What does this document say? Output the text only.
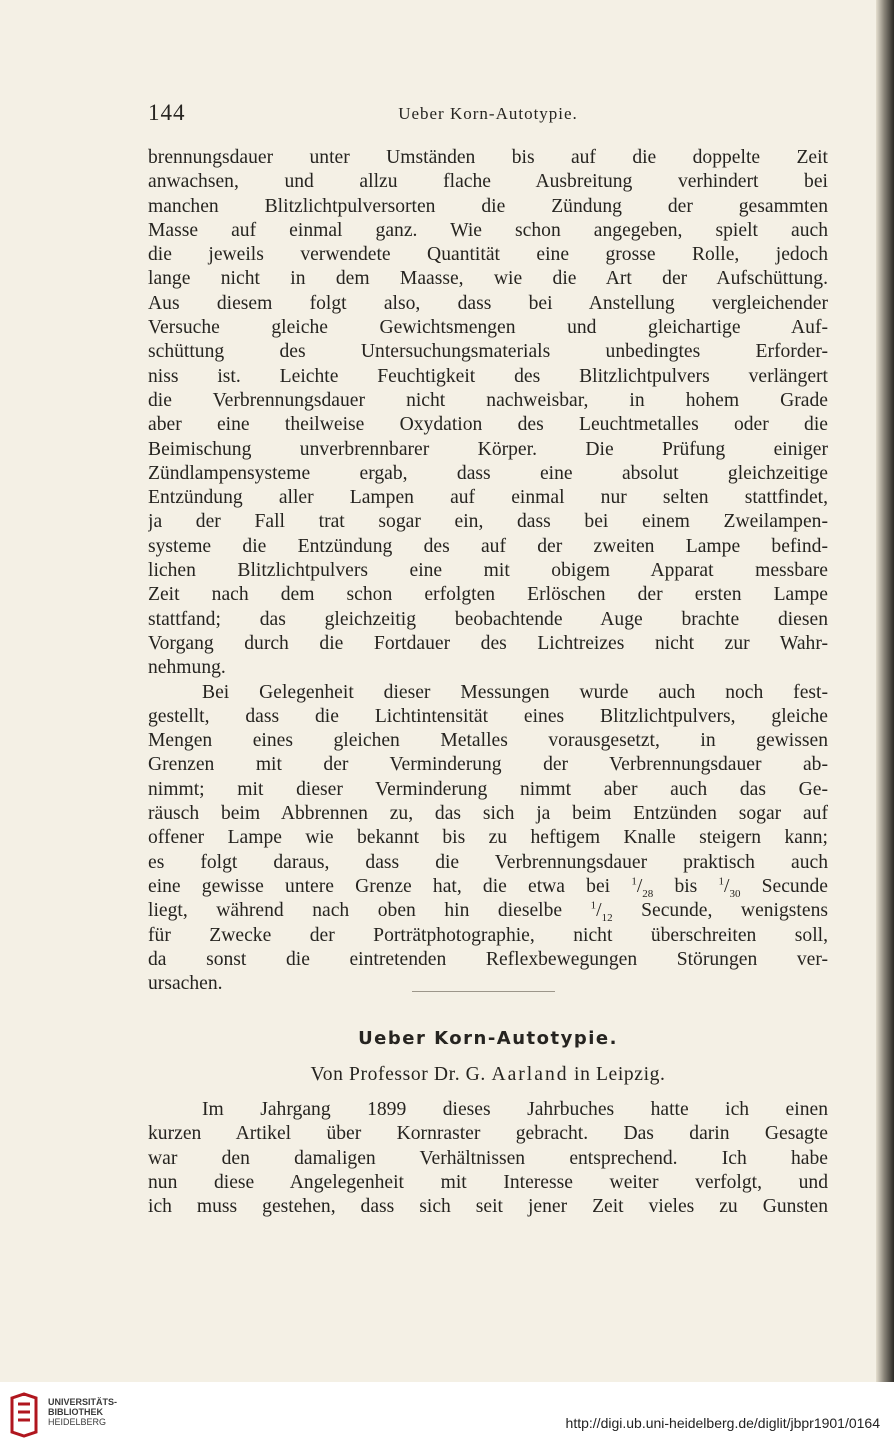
144	Ueber Korn-Autotypie.
brennungsdauer unter Umständen bis auf die doppelte Zeit
anwachsen, und allzu flache Ausbreitung verhindert bei
manchen Blitzlichtpulversorten die Zündung der gesammten
Masse auf einmal ganz. Wie schon angegeben, spielt auch
die jeweils verwendete Quantität eine grosse Rolle, jedoch
lange nicht in dem Maasse, wie die Art der Aufschüttung.
Aus diesem folgt also, dass bei Anstellung vergleichender
Versuche gleiche Gewichtsmengen und gleichartige Auf-
schüttung des Untersuchungsmaterials unbedingtes Erforder-
niss ist. Leichte Feuchtigkeit des Blitzlichtpulvers verlängert
die Verbrennungsdauer nicht nachweisbar, in hohem Grade
aber eine theilweise Oxydation des Leuchtmetalles oder die
Beimischung unverbrennbarer Körper. Die Prüfung einiger
Zündlampensysteme ergab, dass eine absolut gleichzeitige
Entzündung aller Lampen auf einmal nur selten stattfindet,
ja der Fall trat sogar ein, dass bei einem Zweilampen-
systeme die Entzündung des auf der zweiten Lampe befind-
lichen Blitzlichtpulvers eine mit obigem Apparat messbare
Zeit nach dem schon erfolgten Erlöschen der ersten Lampe
stattfand; das gleichzeitig beobachtende Auge brachte diesen
Vorgang durch die Fortdauer des Lichtreizes nicht zur Wahr-
nehmung.
Bei Gelegenheit dieser Messungen wurde auch noch fest-
gestellt, dass die Lichtintensität eines Blitzlichtpulvers, gleiche
Mengen eines gleichen Metalles vorausgesetzt, in gewissen
Grenzen mit der Verminderung der Verbrennungsdauer ab-
nimmt; mit dieser Verminderung nimmt aber auch das Ge-
räusch beim Abbrennen zu, das sich ja beim Entzünden sogar auf
offener Lampe wie bekannt bis zu heftigem Knalle steigern kann;
es folgt daraus, dass die Verbrennungsdauer praktisch auch
eine gewisse untere Grenze hat, die etwa bei $^1/_{28}$ bis $^1/_{30}$ Secunde
liegt, während nach oben hin dieselbe $^1/_{12}$ Secunde, wenigstens
für Zwecke der Porträtphotographie, nicht überschreiten soll,
da sonst die eintretenden Reflexbewegungen Störungen ver-
ursachen.
Ueber Korn-Autotypie.
Von Professor Dr. G. Aarland in Leipzig.
Im Jahrgang 1899 dieses Jahrbuches hatte ich einen
kurzen Artikel über Kornraster gebracht. Das darin Gesagte
war den damaligen Verhältnissen entsprechend. Ich habe
nun diese Angelegenheit mit Interesse weiter verfolgt, und
ich muss gestehen, dass sich seit jener Zeit vieles zu Gunsten
UNIVERSITÄTS-
BIBLIOTHEK
HEIDELBERG	http://digi.ub.uni-heidelberg.de/diglit/jbpr1901/0164
